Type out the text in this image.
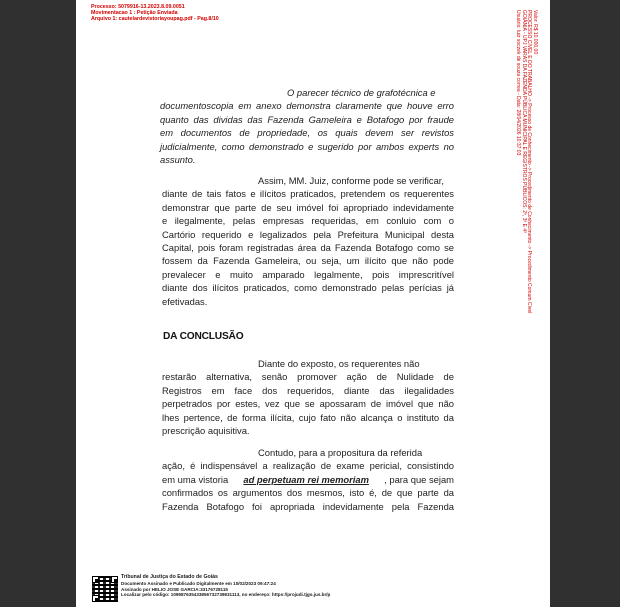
Processo: 5079916-13.2023.8.09.0051
Movimentacao 1 : Petição Enviada
Arquivo 1: cautelardevistoriayoupag.pdf - Pag.8/10	Valor: R$ 10.000,00
PROCESSO CÍVEL E DO TRABALHO -> Processo de Conhecimento -> Procedimento de Conhecimento -> Procedimento Comum Cível
GOIÂNIA - UPJ VARAS DA FAZENDA PÚBLICA MUNICIPAL E REGISTROS PÚBLICOS: 2ª, 3ª E 4ª
Usuário: luiz soczek de souza correa - Data: 28/04/2026 10:37:03
O parecer técnico de grafotécnica e
documentoscopia em anexo demonstra claramente que houve erro
quanto das dividas das Fazenda Gameleira e Botafogo por fraude
em documentos de propriedade, os quais devem ser revistos
judicialmente, como demonstrado e sugerido por ambos experts no
assunto.
Assim, MM. Juiz, conforme pode se verificar,
diante de tais fatos e ilícitos praticados, pretendem os requerentes
demonstrar que parte de seu imóvel foi apropriado indevidamente
e ilegalmente, pelas empresas requeridas, em conluio com o
Cartório requerido e legalizados pela Prefeitura Municipal desta
Capital, pois foram registradas área da Fazenda Botafogo como se
fossem da Fazenda Gameleira, ou seja, um ilícito que não pode
prevalecer e muito amparado legalmente, pois imprescritível
diante dos ilícitos praticados, como demonstrado pelas perícias já
efetivadas.
DA CONCLUSÃO
Diante do exposto, os requerentes não
restarão alternativa, senão promover ação de Nulidade de
Registros em face dos requeridos, diante das ilegalidades
perpetrados por estes, vez que se apossaram de imóvel que não
lhes pertence, de forma ilícita, cujo fato não alcança o instituto da
prescrição aquisitiva.
Contudo, para a propositura da referida
ação, é indispensável a realização de exame pericial, consistindo
em uma vistoria ad perpetuam rei memoriam , para que sejam
confirmados os argumentos dos mesmos, isto é, de que parte da
Fazenda Botafogo foi apropriada indevidamente pela Fazenda
Tribunal de Justiça do Estado de Goiás
Documento Assinado e Publicado Digitalmente em 10/02/2023 09:47:24
Assinado por HELIO JOSE GARCIA:33176728115
Localizar pelo código: 109987635433856732739831113, no endereço: https://projudi.tjgo.jus.br/p
